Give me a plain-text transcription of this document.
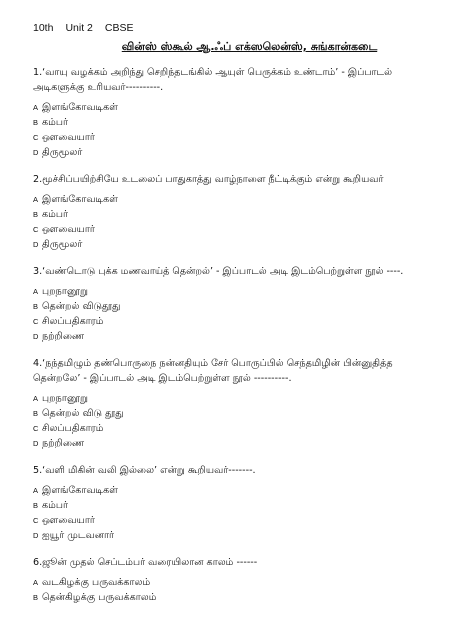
10th Unit 2 CBSE
வின்ஸ் ஸ்கூல் ஆ.ஃப் எக்ஸலென்ஸ், சுங்கான்கடை
1.‘வாயு வழக்கம் அறிந்து செறிந்தடங்கில் ஆயுள் பெருக்கம் உண்டாம்’ - இப்பாடல்
அடிகளுக்கு உரியவர்----------.
A இளங்கோவடிகள்
B கம்பர்
C ஔவையார்
D திருமூலர்
2.மூச்சிப்பயிற்சியே உடலைப் பாதுகாத்து வாழ்நாளை நீட்டிக்கும் என்று கூறியவர்
A இளங்கோவடிகள்
B கம்பர்
C ஔவையார்
D திருமூலர்
3.‘வண்டொடு புக்க மணவாய்த் தென்றல்’ - இப்பாடல் அடி இடம்பெற்றுள்ள நூல் ----.
A புறநானூறு
B தென்றல் விடுதூது
C சிலப்பதிகாரம்
D நற்றிணை
4.‘நந்தமிழும் தண்பொருநை நன்னதியும் சேர் பொருப்பில் செந்தமிழின் பின்னுதித்த
தென்றலே’ - இப்பாடல் அடி இடம்பெற்றுள்ள நூல் ----------.
A புறநானூறு
B தென்றல் விடு தூது
C சிலப்பதிகாரம்
D நற்றிணை
5.‘வளி மிகின் வலி இல்லை’ என்று கூறியவர்-------.
A இளங்கோவடிகள்
B கம்பர்
C ஔவையார்
D ஐயூர் முடவனார்
6.ஜூன் முதல் செப்டம்பர் வரையிலான காலம் ------
A வடகிழக்கு பருவக்காலம்
B தென்கிழக்கு பருவக்காலம்
